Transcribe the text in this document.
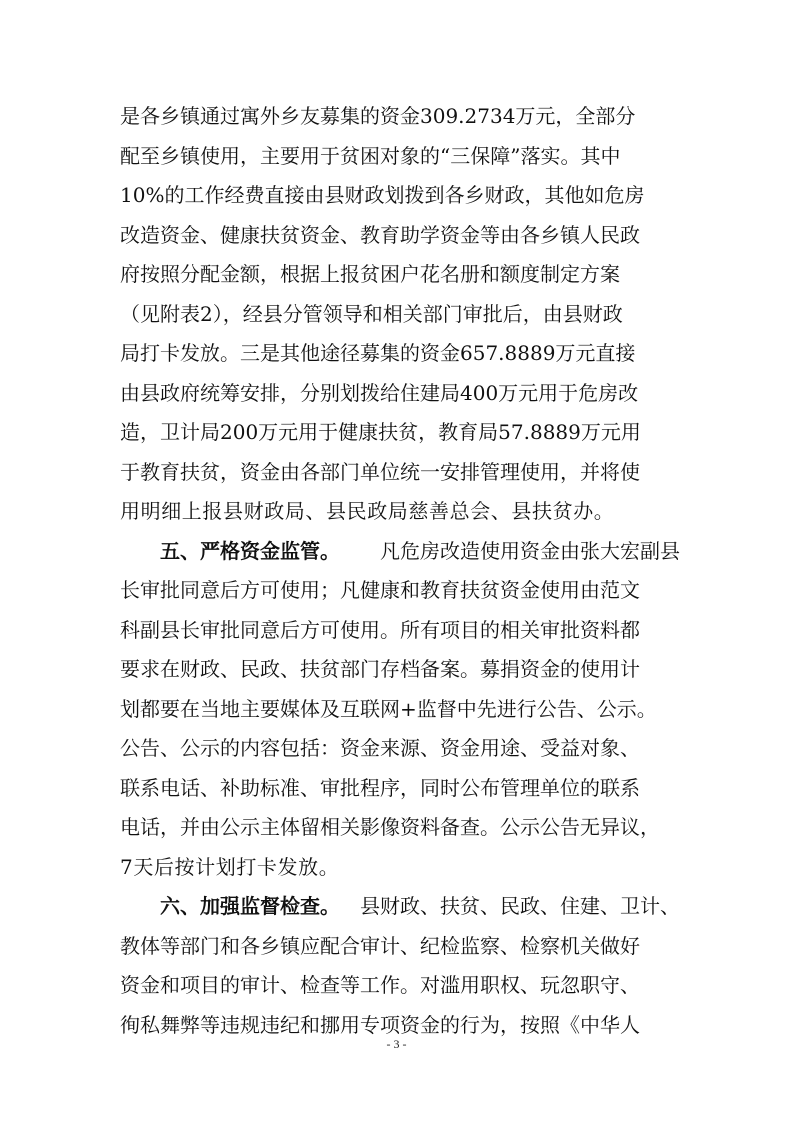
是各乡镇通过寓外乡友募集的资金309.2734万元，全部分
配至乡镇使用，主要用于贫困对象的“三保障”落实。其中
10%的工作经费直接由县财政划拨到各乡财政，其他如危房
改造资金、健康扶贫资金、教育助学资金等由各乡镇人民政
府按照分配金额，根据上报贫困户花名册和额度制定方案
（见附表2），经县分管领导和相关部门审批后，由县财政
局打卡发放。三是其他途径募集的资金657.8889万元直接
由县政府统筹安排，分别划拨给住建局400万元用于危房改
造，卫计局200万元用于健康扶贫，教育局57.8889万元用
于教育扶贫，资金由各部门单位统一安排管理使用，并将使
用明细上报县财政局、县民政局慈善总会、县扶贫办。
五、严格资金监管。 凡危房改造使用资金由张大宏副县
长审批同意后方可使用；凡健康和教育扶贫资金使用由范文
科副县长审批同意后方可使用。所有项目的相关审批资料都
要求在财政、民政、扶贫部门存档备案。募捐资金的使用计
划都要在当地主要媒体及互联网+监督中先进行公告、公示。
公告、公示的内容包括：资金来源、资金用途、受益对象、
联系电话、补助标准、审批程序，同时公布管理单位的联系
电话，并由公示主体留相关影像资料备查。公示公告无异议，
7天后按计划打卡发放。
六、加强监督检查。 县财政、扶贫、民政、住建、卫计、
教体等部门和各乡镇应配合审计、纪检监察、检察机关做好
- 3 -
资金和项目的审计、检查等工作。对滥用职权、玩忽职守、
徇私舞弊等违规违纪和挪用专项资金的行为，按照《中华人
